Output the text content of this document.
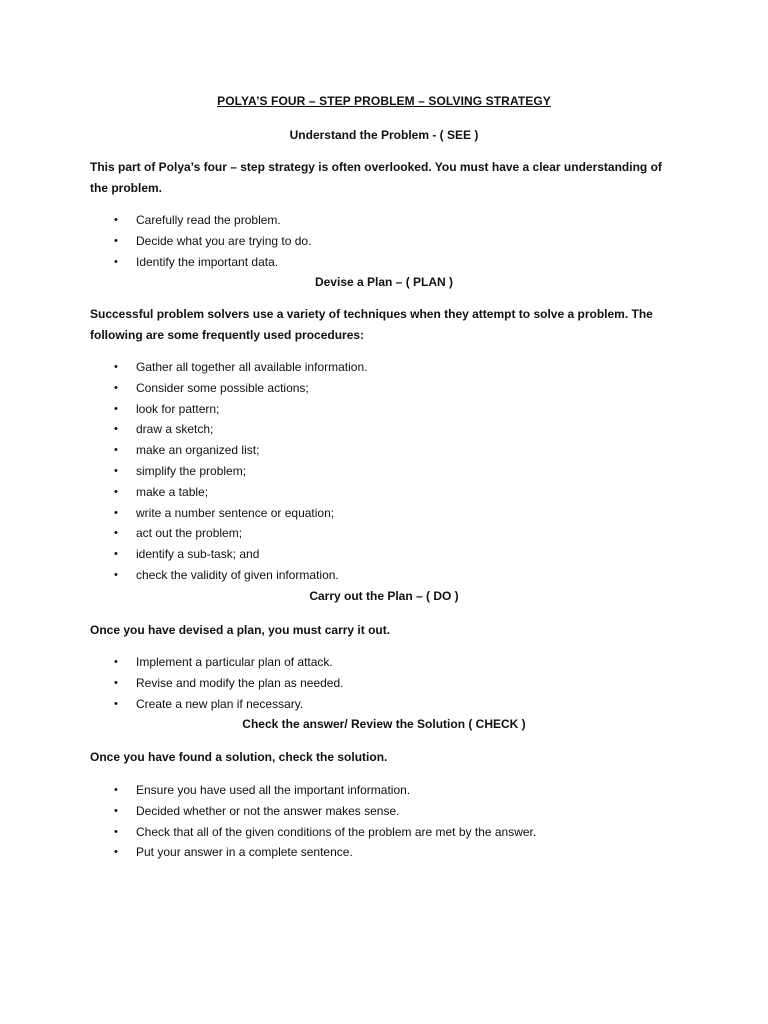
POLYA’S FOUR – STEP PROBLEM – SOLVING STRATEGY
Understand the Problem - ( SEE )
This part of Polya’s four – step strategy is often overlooked. You must have a clear understanding of the problem.
• Carefully read the problem.
• Decide what you are trying to do.
• Identify the important data.
Devise a Plan – ( PLAN )
Successful problem solvers use a variety of techniques when they attempt to solve a problem. The following are some frequently used procedures:
• Gather all together all available information.
• Consider some possible actions;
• look for pattern;
• draw a sketch;
• make an organized list;
• simplify the problem;
• make a table;
• write a number sentence or equation;
• act out the problem;
• identify a sub-task; and
• check the validity of given information.
Carry out the Plan – ( DO )
Once you have devised a plan, you must carry it out.
• Implement a particular plan of attack.
• Revise and modify the plan as needed.
• Create a new plan if necessary.
Check the answer/ Review the Solution ( CHECK )
Once you have found a solution, check the solution.
• Ensure you have used all the important information.
• Decided whether or not the answer makes sense.
• Check that all of the given conditions of the problem are met by the answer.
• Put your answer in a complete sentence.
